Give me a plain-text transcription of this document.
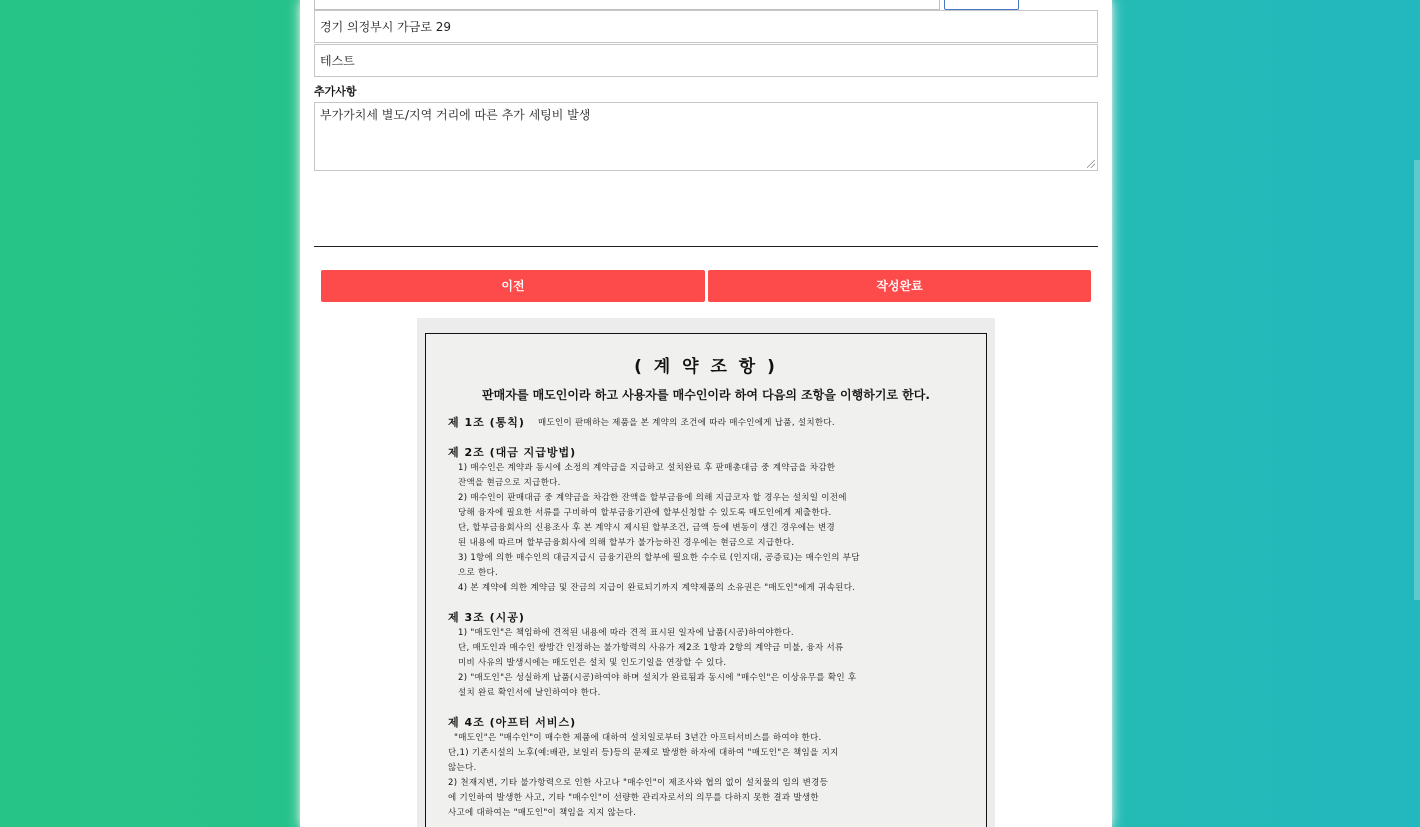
경기 의정부시 가금로 29
테스트
추가사항
부가가치세 별도/지역 거리에 따른 추가 세팅비 발생
이전	작성완료
( 계 약 조 항 )
판매자를 매도인이라 하고 사용자를 매수인이라 하여 다음의 조항을 이행하기로 한다.
제 1조 (통칙) 매도인이 판매하는 제품을 본 계약의 조건에 따라 매수인에게 납품, 설치한다.
제 2조 (대금 지급방법)
1) 매수인은 계약과 동시에 소정의 계약금을 지급하고 설치완료 후 판매총대금 중 계약금을 차감한
잔액을 현금으로 지급한다.
2) 매수인이 판매대금 중 계약금을 차감한 잔액을 할부금융에 의해 지급코자 할 경우는 설치일 이전에
당해 융자에 필요한 서류를 구비하여 할부금융기관에 할부신청할 수 있도록 매도인에게 제출한다.
단, 할부금융회사의 신용조사 후 본 계약시 제시된 할부조건, 금액 등에 변동이 생긴 경우에는 변경
된 내용에 따르며 할부금융회사에 의해 할부가 불가능하진 경우에는 현금으로 지급한다.
3) 1항에 의한 매수인의 대금지급시 금융기관의 할부에 필요한 수수료 (인지대, 공증료)는 매수인의 부담
으로 한다.
4) 본 계약에 의한 계약금 및 잔금의 지급이 완료되기까지 계약제품의 소유권은 "매도인"에게 귀속된다.
제 3조 (시공)
1) "매도인"은 책임하에 견적된 내용에 따라 견적 표시된 일자에 납품(시공)하여야한다.
단, 매도인과 매수인 쌍방간 인정하는 불가항력의 사유가 제2조 1항과 2항의 계약금 미불, 융자 서류
미비 사유의 발생시에는 매도인은 설치 및 인도기일을 연장할 수 있다.
2) "매도인"은 성실하게 납품(시공)하여야 하며 설치가 완료됨과 동시에 "매수인"은 이상유무를 확인 후
설치 완료 확인서에 날인하여야 한다.
제 4조 (아프터 서비스)
"매도인"은 "매수인"이 매수한 제품에 대하여 설치일로부터 3년간 아프터서비스를 하여야 한다.
단,1) 기존시설의 노후(예:배관, 보일러 등)등의 문제로 발생한 하자에 대하여 "매도인"은 책임을 지지
않는다.
2) 천재지변, 기타 불가항력으로 인한 사고나 "매수인"이 제조사와 협의 없이 설치물의 임의 변경등
에 기인하여 발생한 사고, 기타 "매수인"이 선량한 관리자로서의 의무를 다하지 못한 결과 발생한
사고에 대하여는 "매도인"이 책임을 지지 않는다.
